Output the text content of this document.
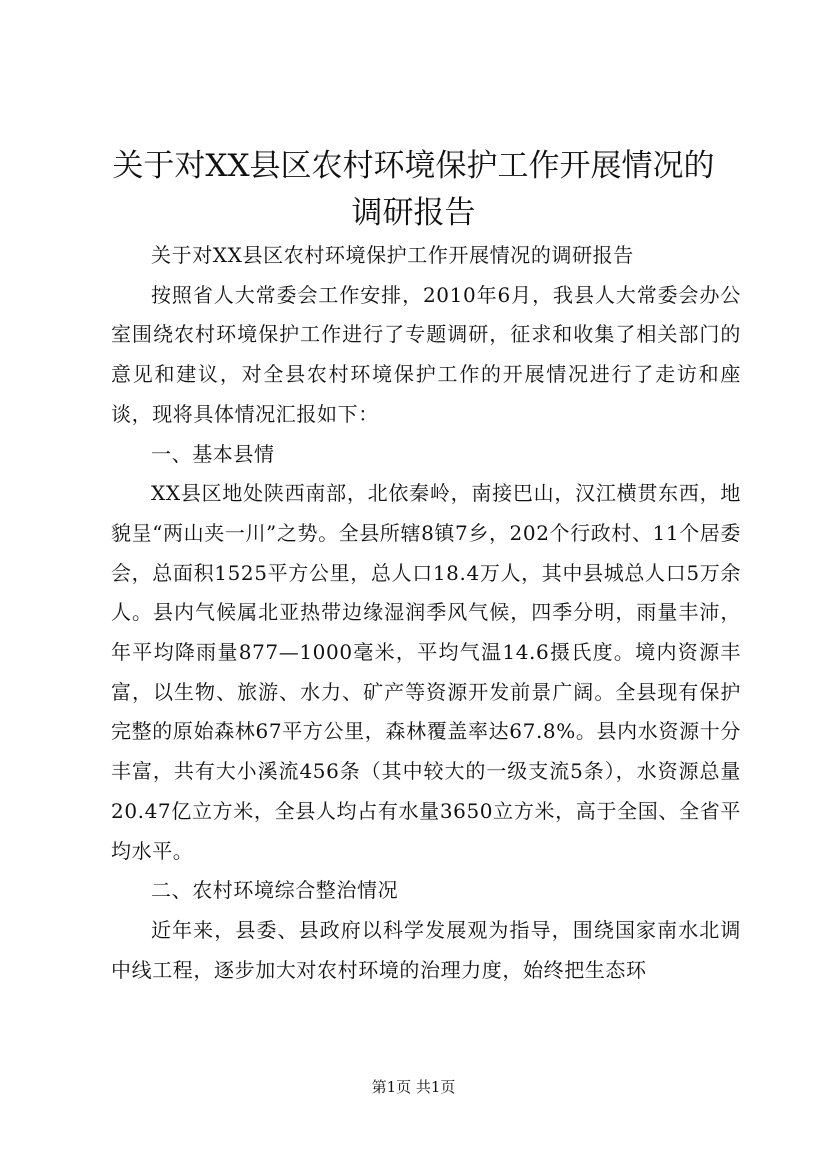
关于对XX县区农村环境保护工作开展情况的
调研报告

关于对XX县区农村环境保护工作开展情况的调研报告

按照省人大常委会工作安排，2010年6月，我县人大常委会办公室围绕农村环境保护工作进行了专题调研，征求和收集了相关部门的意见和建议，对全县农村环境保护工作的开展情况进行了走访和座谈，现将具体情况汇报如下：

一、基本县情

XX县区地处陕西南部，北依秦岭，南接巴山，汉江横贯东西，地貌呈“两山夹一川”之势。全县所辖8镇7乡，202个行政村、11个居委会，总面积1525平方公里，总人口18.4万人，其中县城总人口5万余人。县内气候属北亚热带边缘湿润季风气候，四季分明，雨量丰沛，年平均降雨量877—1000毫米，平均气温14.6摄氏度。境内资源丰富，以生物、旅游、水力、矿产等资源开发前景广阔。全县现有保护完整的原始森林67平方公里，森林覆盖率达67.8%。县内水资源十分丰富，共有大小溪流456条（其中较大的一级支流5条），水资源总量20.47亿立方米，全县人均占有水量3650立方米，高于全国、全省平均水平。

二、农村环境综合整治情况

近年来，县委、县政府以科学发展观为指导，围绕国家南水北调中线工程，逐步加大对农村环境的治理力度，始终把生态环

第1页 共1页
